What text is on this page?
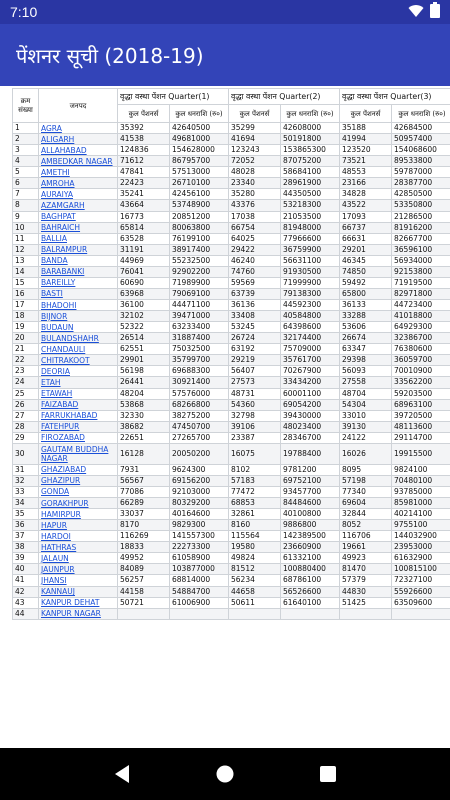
7:10
पेंशनर सूची (2018-19)
क्रम संख्या	जनपद	वृद्धा वस्था पेंशन Quarter(1)		वृद्धा वस्था पेंशन Quarter(2)		वृद्धा वस्था पेंशन Quarter(3)	
		कुल पेंशनर्स	कुल धनराशि (रु०)	कुल पेंशनर्स	कुल धनराशि (रु०)	कुल पेंशनर्स	कुल धनराशि (रु०)
1	AGRA	35392	42640500	35299	42608000	35188	42684500
2	ALIGARH	41538	49681000	41694	50191800	41994	50957400
3	ALLAHABAD	124836	154628000	123243	153865300	123520	154068600
4	AMBEDKAR NAGAR	71612	86795700	72052	87075200	73521	89533800
5	AMETHI	47841	57513000	48028	58684100	48553	59787000
6	AMROHA	22423	26710100	23340	28961900	23166	28387700
7	AURAIYA	35241	42456100	35280	44350500	34828	42850500
8	AZAMGARH	43664	53748900	43376	53218300	43522	53350800
9	BAGHPAT	16773	20851200	17038	21053500	17093	21286500
10	BAHRAICH	65814	80063800	66754	81948000	66737	81916200
11	BALLIA	63528	76199100	64025	77966600	66631	82667700
12	BALRAMPUR	31191	38917400	29422	36759900	29201	36596100
13	BANDA	44969	55232500	46240	56631100	46345	56934000
14	BARABANKI	76041	92902200	74760	91930500	74850	92153800
15	BAREILLY	60690	71989900	59569	71999900	59492	71919500
16	BASTI	63968	79069100	63739	79138300	65800	82971800
17	BHADOHI	36100	44471100	36136	44592300	36133	44723400
18	BIJNOR	32102	39471000	33408	40584800	33288	41018800
19	BUDAUN	52322	63233400	53245	64398600	53606	64929300
20	BULANDSHAHR	26514	31887400	26724	32174400	26674	32386700
21	CHANDAULI	62551	75032500	63192	75709000	63347	76380600
22	CHITRAKOOT	29901	35799700	29219	35761700	29398	36059700
23	DEORIA	56198	69688300	56407	70267900	56093	70010900
24	ETAH	26441	30921400	27573	33434200	27558	33562200
25	ETAWAH	48204	57576000	48731	60001100	48704	59203500
26	FAIZABAD	53868	68266800	54360	69054200	54304	68963100
27	FARRUKHABAD	32330	38275200	32798	39430000	33010	39720500
28	FATEHPUR	38682	47450700	39106	48023400	39130	48113600
29	FIROZABAD	22651	27265700	23387	28346700	24122	29114700
30	GAUTAM BUDDHA NAGAR	16128	20050200	16075	19788400	16026	19915500
31	GHAZIABAD	7931	9624300	8102	9781200	8095	9824100
32	GHAZIPUR	56567	69156200	57183	69752100	57198	70480100
33	GONDA	77086	92103000	77472	93457700	77340	93785000
34	GORAKHPUR	66289	80329200	68853	84484600	69604	85981000
35	HAMIRPUR	33037	40164600	32861	40100800	32844	40214100
36	HAPUR	8170	9829300	8160	9886800	8052	9755100
37	HARDOI	116269	141557300	115564	142389500	116706	144032900
38	HATHRAS	18833	22273300	19580	23660900	19661	23953000
39	JALAUN	49952	61058900	49824	61332100	49923	61632900
40	JAUNPUR	84089	103877000	81512	100880400	81470	100815100
41	JHANSI	56257	68814000	56234	68786100	57379	72327100
42	KANNAUJ	44158	54884700	44658	56526600	44830	55926600
43	KANPUR DEHAT	50721	61006900	50611	61640100	51425	63509600
44	KANPUR NAGAR						
